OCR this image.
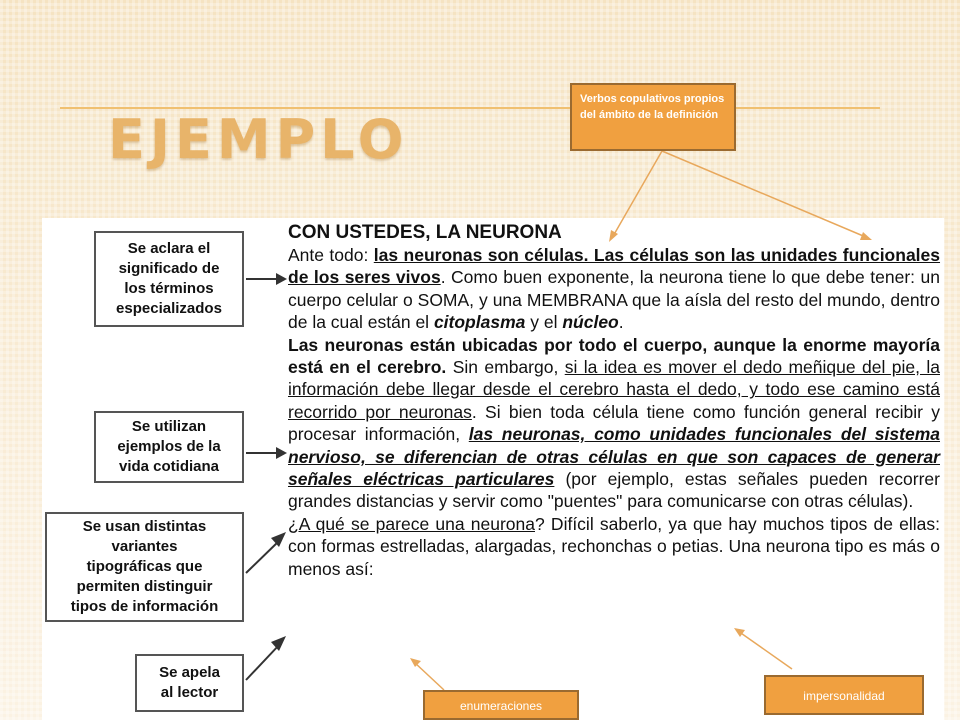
EJEMPLO
Se aclara el
significado de
los términos
especializados
Se utilizan
ejemplos de la
vida cotidiana
Se usan distintas
variantes
tipográficas que
permiten distinguir
tipos de información
Se apela
al lector
CON USTEDES, LA NEURONA

Ante todo: las neuronas son células. Las células son las unidades funcionales de los seres vivos. Como buen exponente, la neurona tiene lo que debe tener: un cuerpo celular o SOMA, y una MEMBRANA que la aísla del resto del mundo, dentro de la cual están el citoplasma y el núcleo.

Las neuronas están ubicadas por todo el cuerpo, aunque la enorme mayoría está en el cerebro. Sin embargo, si la idea es mover el dedo meñique del pie, la información debe llegar desde el cerebro hasta el dedo, y todo ese camino está recorrido por neuronas. Si bien toda célula tiene como función general recibir y procesar información, las neuronas, como unidades funcionales del sistema nervioso, se diferencian de otras células en que son capaces de generar señales eléctricas particulares (por ejemplo, estas señales pueden recorrer grandes distancias y servir como "puentes" para comunicarse con otras células).

¿A qué se parece una neurona? Difícil saberlo, ya que hay muchos tipos de ellas: con formas estrelladas, alargadas, rechonchas o petias. Una neurona tipo es más o menos así:

Verbos copulativos propios del ámbito de la definición
impersonalidad
enumeraciones
